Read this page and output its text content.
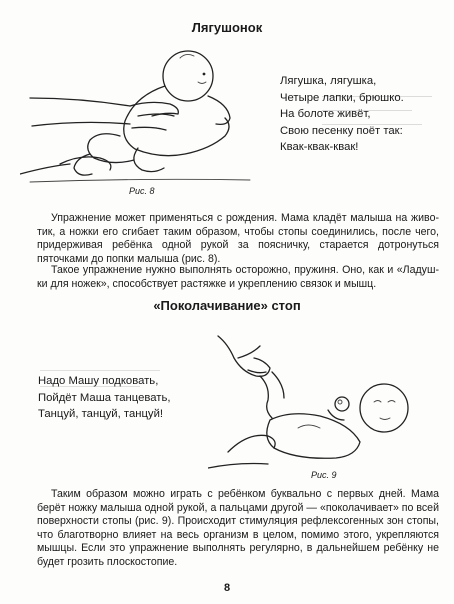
Лягушонок
Лягушка, лягушка,
Четыре лапки, брюшко.
На болоте живёт,
Свою песенку поёт так:
Квак-квак-квак!
Рис. 8
Упражнение может применяться с рождения. Мама кладёт малыша на живо-тик, а ножки его сгибает таким образом, чтобы стопы соединились, после чего, придерживая ребёнка одной рукой за поясничку, старается дотронуться пяточками до попки малыша (рис. 8).
Такое упражнение нужно выполнять осторожно, пружиня. Оно, как и «Ладуш-ки для ножек», способствует растяжке и укреплению связок и мышц.
«Поколачивание» стоп
Надо Машу подковать,
Пойдёт Маша танцевать,
Танцуй, танцуй, танцуй!
Рис. 9
Таким образом можно играть с ребёнком буквально с первых дней. Мама берёт ножку малыша одной рукой, а пальцами другой — «поколачивает» по всей поверхности стопы (рис. 9). Происходит стимуляция рефлексогенных зон стопы, что благотворно влияет на весь организм в целом, помимо этого, укрепляются мышцы. Если это упражнение выполнять регулярно, в дальнейшем ребёнку не будет грозить плоскостопие.
8
